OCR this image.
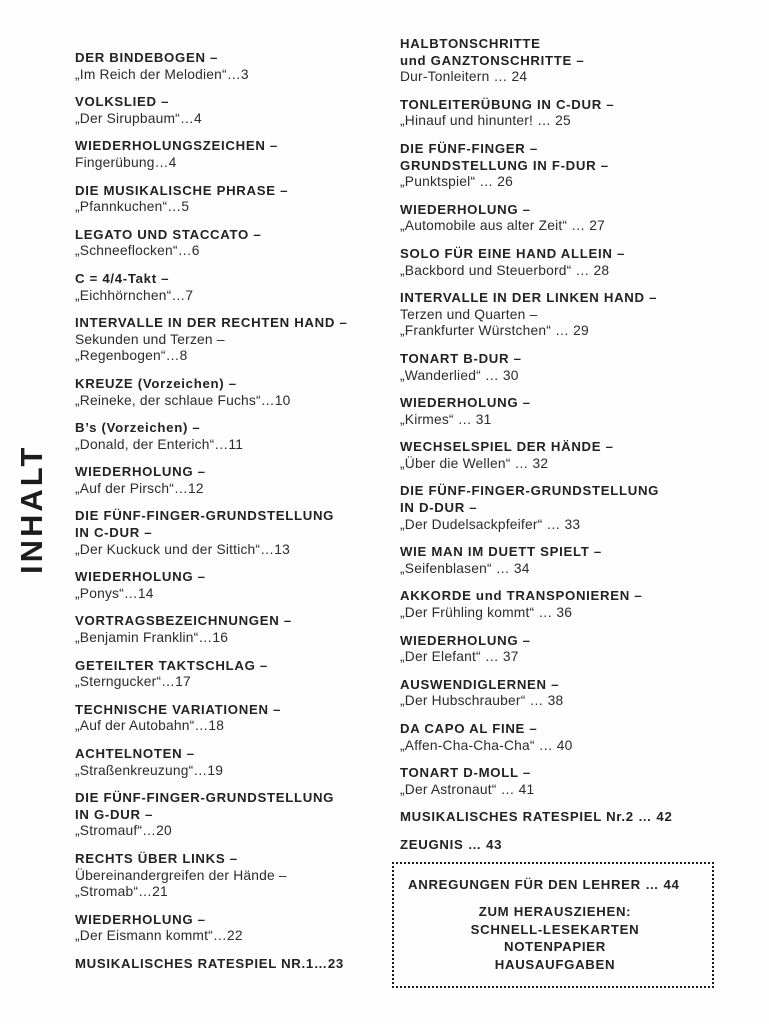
INHALT
DER BINDEBOGEN –
„Im Reich der Melodien“…3
VOLKSLIED –
„Der Sirupbaum“…4
WIEDERHOLUNGSZEICHEN –
Fingerübung…4
DIE MUSIKALISCHE PHRASE –
„Pfannkuchen“…5
LEGATO UND STACCATO –
„Schneeflocken“…6
C = 4/4-Takt –
„Eichhörnchen“…7
INTERVALLE IN DER RECHTEN HAND –
Sekunden und Terzen –
„Regenbogen“…8
KREUZE (Vorzeichen) –
„Reineke, der schlaue Fuchs“…10
B’s (Vorzeichen) –
„Donald, der Enterich“…11
WIEDERHOLUNG –
„Auf der Pirsch“…12
DIE FÜNF-FINGER-GRUNDSTELLUNG
IN C-DUR –
„Der Kuckuck und der Sittich“…13
WIEDERHOLUNG –
„Ponys“…14
VORTRAGSBEZEICHNUNGEN –
„Benjamin Franklin“…16
GETEILTER TAKTSCHLAG –
„Sterngucker“…17
TECHNISCHE VARIATIONEN –
„Auf der Autobahn“…18
ACHTELNOTEN –
„Straßenkreuzung“…19
DIE FÜNF-FINGER-GRUNDSTELLUNG
IN G-DUR –
„Stromauf“…20
RECHTS ÜBER LINKS –
Übereinandergreifen der Hände –
„Stromab“…21
WIEDERHOLUNG –
„Der Eismann kommt“…22
MUSIKALISCHES RATESPIEL NR.1…23
HALBTONSCHRITTE
und GANZTONSCHRITTE –
Dur-Tonleitern … 24
TONLEITERÜBUNG IN C-DUR –
„Hinauf und hinunter! … 25
DIE FÜNF-FINGER –
GRUNDSTELLUNG IN F-DUR –
„Punktspiel“ … 26
WIEDERHOLUNG –
„Automobile aus alter Zeit“ … 27
SOLO FÜR EINE HAND ALLEIN –
„Backbord und Steuerbord“ … 28
INTERVALLE IN DER LINKEN HAND –
Terzen und Quarten –
„Frankfurter Würstchen“ … 29
TONART B-DUR –
„Wanderlied“ … 30
WIEDERHOLUNG –
„Kirmes“ … 31
WECHSELSPIEL DER HÄNDE –
„Über die Wellen“ … 32
DIE FÜNF-FINGER-GRUNDSTELLUNG
IN D-DUR –
„Der Dudelsackpfeifer“ … 33
WIE MAN IM DUETT SPIELT –
„Seifenblasen“ … 34
AKKORDE und TRANSPONIEREN –
„Der Frühling kommt“ … 36
WIEDERHOLUNG –
„Der Elefant“ … 37
AUSWENDIGLERNEN –
„Der Hubschrauber“ … 38
DA CAPO AL FINE –
„Affen-Cha-Cha-Cha“ … 40
TONART D-MOLL –
„Der Astronaut“ … 41
MUSIKALISCHES RATESPIEL Nr.2 … 42
ZEUGNIS … 43
ANREGUNGEN FÜR DEN LEHRER … 44
ZUM HERAUSZIEHEN:
SCHNELL-LESEKARTEN
NOTENPAPIER
HAUSAUFGABEN
